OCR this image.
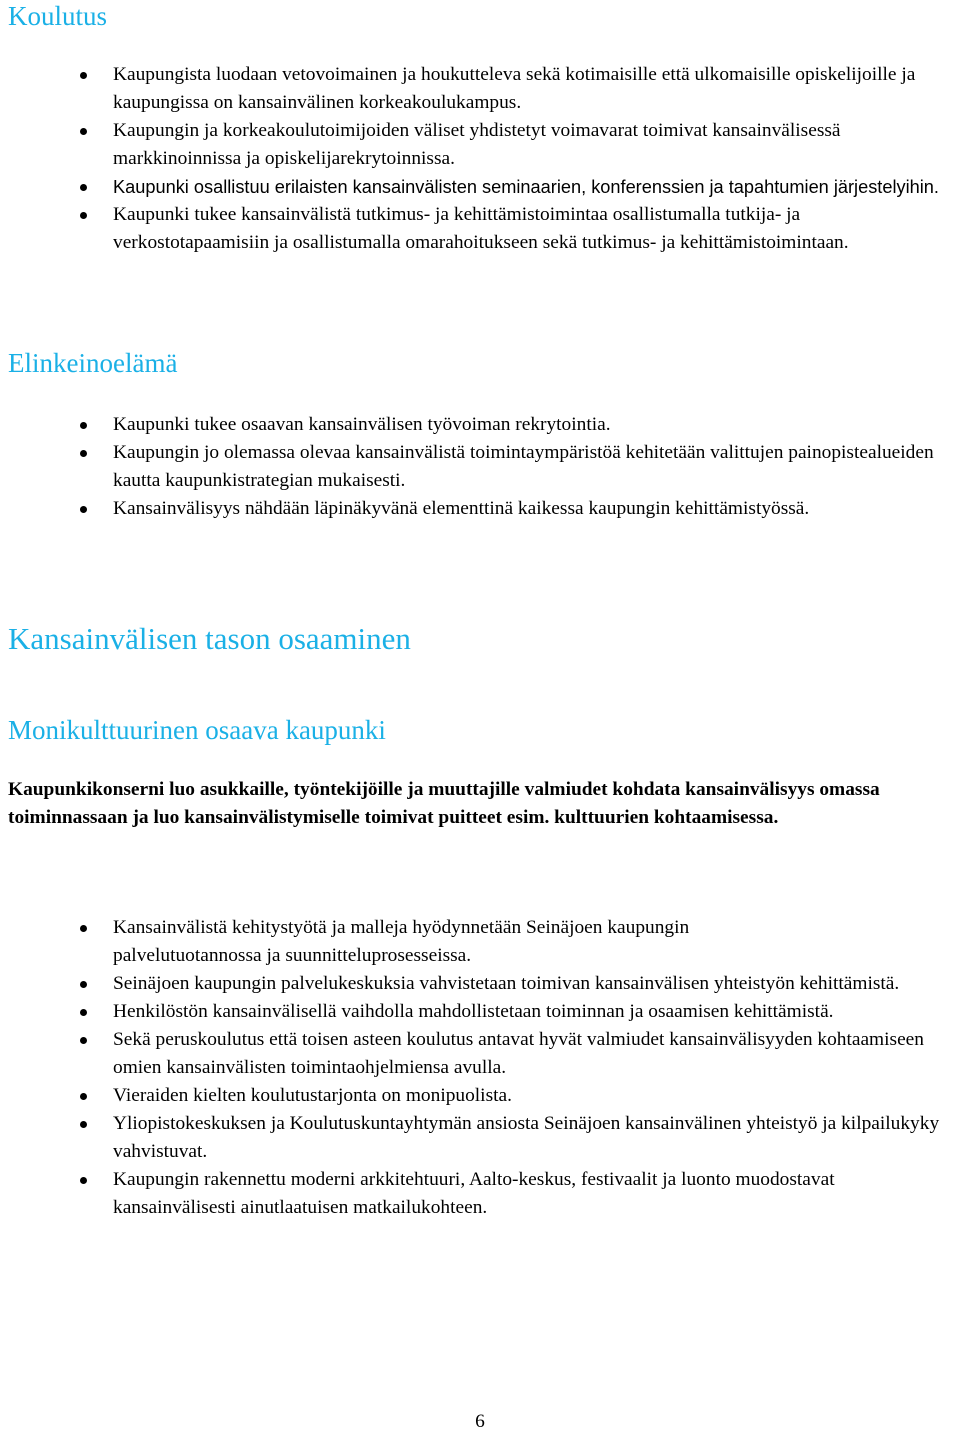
Koulutus
Kaupungista luodaan vetovoimainen ja houkutteleva sekä kotimaisille että ulkomaisille opiskelijoille ja kaupungissa on kansainvälinen korkeakoulukampus.
Kaupungin ja korkeakoulutoimijoiden väliset yhdistetyt voimavarat toimivat kansainvälisessä markkinoinnissa ja opiskelijarekrytoinnissa.
Kaupunki osallistuu erilaisten kansainvälisten seminaarien, konferenssien ja tapahtumien järjestelyihin.
Kaupunki tukee kansainvälistä tutkimus- ja kehittämistoimintaa osallistumalla tutkija- ja verkostotapaamisiin ja osallistumalla omarahoitukseen sekä tutkimus- ja kehittämistoimintaan.
Elinkeinoelämä
Kaupunki tukee osaavan kansainvälisen työvoiman rekrytointia.
Kaupungin jo olemassa olevaa kansainvälistä toimintaympäristöä kehitetään valittujen painopistealueiden kautta kaupunkistrategian mukaisesti.
Kansainvälisyys nähdään läpinäkyvänä elementtinä kaikessa kaupungin kehittämistyössä.
Kansainvälisen tason osaaminen
Monikulttuurinen osaava kaupunki

Kaupunkikonserni luo asukkaille, työntekijöille ja muuttajille valmiudet kohdata kansainvälisyys omassa toiminnassaan ja luo kansainvälistymiselle toimivat puitteet esim. kulttuurien kohtaamisessa.

Kansainvälistä kehitystyötä ja malleja hyödynnetään Seinäjoen kaupungin palvelutuotannossa ja suunnitteluprosesseissa.
Seinäjoen kaupungin palvelukeskuksia vahvistetaan toimivan kansainvälisen yhteistyön kehittämistä.
Henkilöstön kansainvälisellä vaihdolla mahdollistetaan toiminnan ja osaamisen kehittämistä.
Sekä peruskoulutus että toisen asteen koulutus antavat hyvät valmiudet kansainvälisyyden kohtaamiseen omien kansainvälisten toimintaohjelmiensa avulla.
Vieraiden kielten koulutustarjonta on monipuolista.
Yliopistokeskuksen ja Koulutuskuntayhtymän ansiosta Seinäjoen kansainvälinen yhteistyö ja kilpailukyky vahvistuvat.
Kaupungin rakennettu moderni arkkitehtuuri, Aalto-keskus, festivaalit ja luonto muodostavat kansainvälisesti ainutlaatuisen matkailukohteen.
6
